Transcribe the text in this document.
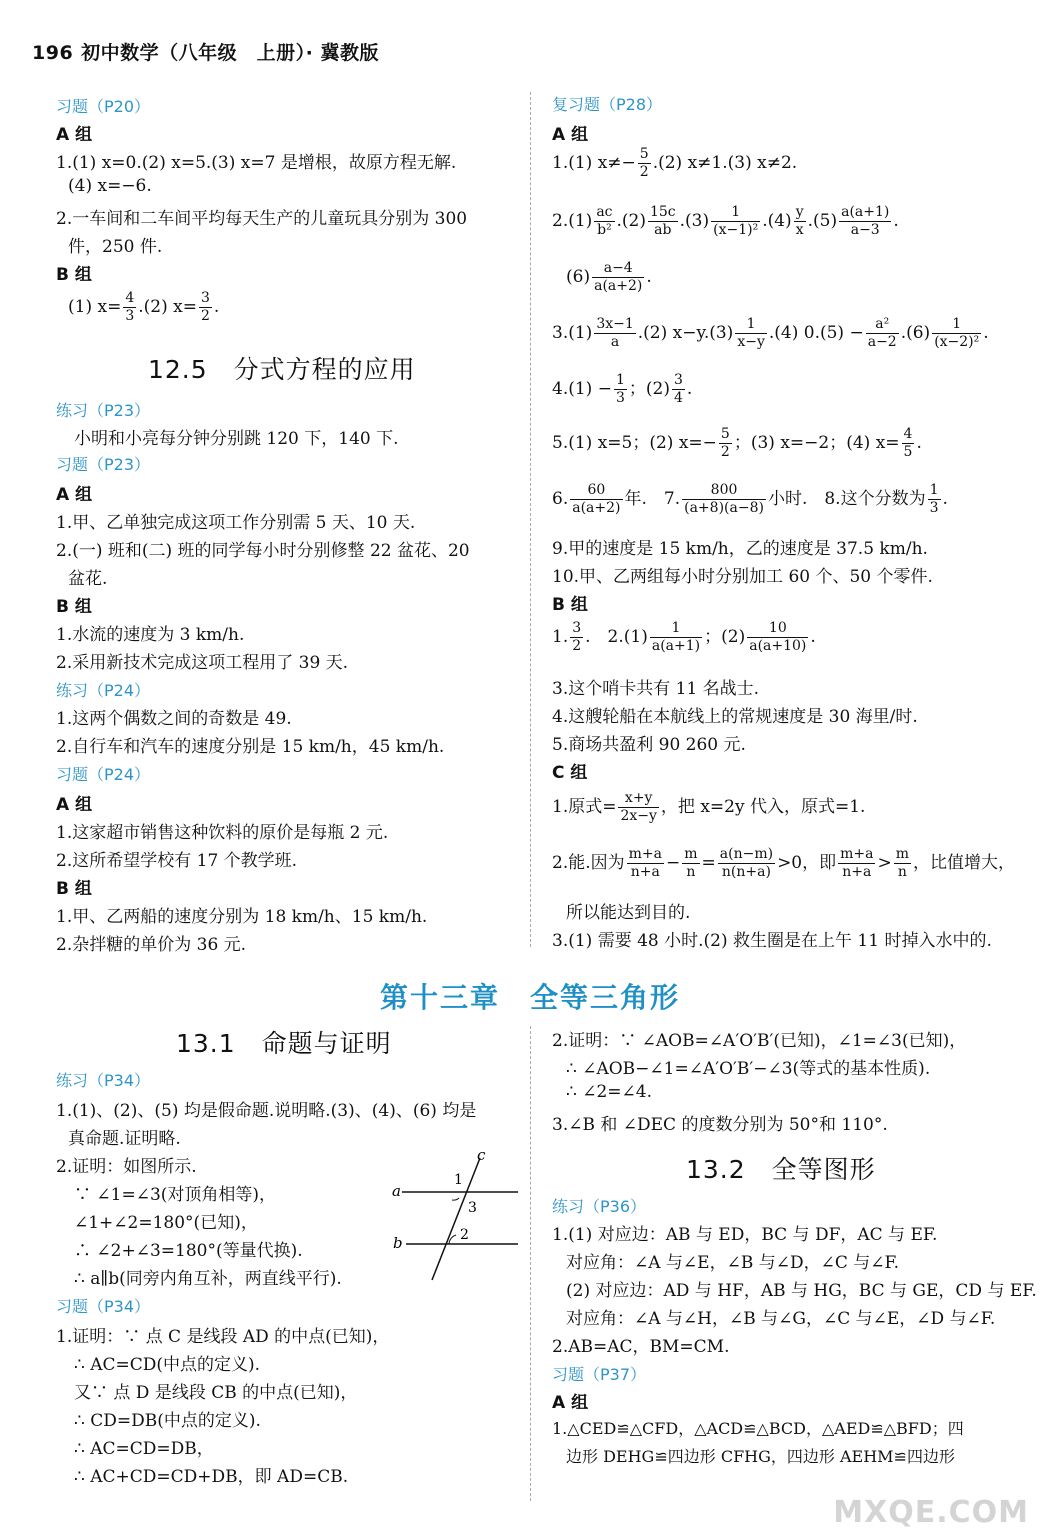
196 初中数学（八年级　上册）· 冀教版
习题（P20）
A 组
1.(1) x=0.(2) x=5.(3) x=7 是增根，故原方程无解.
(4) x=−6.
2.一车间和二车间平均每天生产的儿童玩具分别为 300
件，250 件.
B 组
(1) $x= \frac{4}{3} .(2)$ $x= \frac{3}{2}$ .
12.5　分式方程的应用
练习（P23）
小明和小亮每分钟分别跳 120 下，140 下.
习题（P23）
A 组
1.甲、乙单独完成这项工作分别需 5 天、10 天.
2.(一) 班和(二) 班的同学每小时分别修整 22 盆花、20
盆花.
B 组
1.水流的速度为 3 km/h.
2.采用新技术完成这项工程用了 39 天.
练习（P24）
1.这两个偶数之间的奇数是 49.
2.自行车和汽车的速度分别是 15 km/h，45 km/h.
习题（P24）
A 组
1.这家超市销售这种饮料的原价是每瓶 2 元.
2.这所希望学校有 17 个教学班.
B 组
1.甲、乙两船的速度分别为 18 km/h、15 km/h.
2.杂拌糖的单价为 36 元.
复习题（P28）
A 组
1.(1) $x\ne- \frac{5}{2} .(2)$ x≠1.(3) x≠2.
$2.(1) \frac{ac}{\text{b²}} .(2) \frac{15c}{ab} .(3) \frac{1}{\text{(x−1)²}} .(4) \frac{y}{x} .(5) \frac{a(a+1)}{a-3}$ .
$(6) \frac{a-4}{a(a+2)}$ .
$3.(1) \frac{3x-1}{a} .(2)$ $x-y.(3) \frac{1}{x-y} .(4) 0.(5) - \frac{\text{a²}}{a-2} .(6) \frac{1}{\text{(x−2)²}}$ .
$4.(1) - \frac{1}{3}$ ；$(2) \frac{3}{4}$ .
5.(1) x=5；(2) $x=- \frac{5}{2}$ ；(3) x=−2；(4) $x= \frac{4}{5}$ .
6. $\frac{60}{a(a+2)}$ 年.　7. $\frac{800}{(a+8)(a-8)}$ 小时.　8.这个分数为 $\frac{1}{3}$ .
9.甲的速度是 15 km/h，乙的速度是 37.5 km/h.
10.甲、乙两组每小时分别加工 60 个、50 个零件.
B 组
1. $\frac{3}{2}$ .　$2.(1) \frac{1}{a(a+1)}$ ；$(2) \frac{10}{a(a+10)}$ .
3.这个哨卡共有 11 名战士.
4.这艘轮船在本航线上的常规速度是 30 海里/时.
5.商场共盈利 90 260 元.
C 组
1.原式= $\frac{x+y}{2x-y}$ ，把 x=2y 代入，原式=1.
2.能.因为 $\frac{m+a}{n+a} - \frac{m}{n} = \frac{a(n-m)}{n(n+a)} >0$，即 $\frac{m+a}{n+a} > \frac{m}{n}$ ，比值增大，
所以能达到目的.
3.(1) 需要 48 小时.(2) 救生圈是在上午 11 时掉入水中的.
第十三章　全等三角形
13.1　命题与证明
练习（P34）
1.(1)、(2)、(5) 均是假命题.说明略.(3)、(4)、(6) 均是
真命题.证明略.
2.证明：如图所示.
∵ ∠1=∠3(对顶角相等)，
∠1+∠2=180°(已知)，
∴ ∠2+∠3=180°(等量代换).
∴ a∥b(同旁内角互补，两直线平行).
a
b
c
1
3
2
习题（P34）
1.证明：∵ 点 C 是线段 AD 的中点(已知)，
∴ AC=CD(中点的定义).
又∵ 点 D 是线段 CB 的中点(已知)，
∴ CD=DB(中点的定义).
∴ AC=CD=DB，
∴ AC+CD=CD+DB，即 AD=CB.
2.证明：∵ ∠AOB=∠A′O′B′(已知)，∠1=∠3(已知)，
∴ ∠AOB−∠1=∠A′O′B′−∠3(等式的基本性质).
∴ ∠2=∠4.
3.∠B 和 ∠DEC 的度数分别为 50°和 110°.
13.2　全等图形
练习（P36）
1.(1) 对应边：AB 与 ED，BC 与 DF，AC 与 EF.
对应角：∠A 与∠E，∠B 与∠D，∠C 与∠F.
(2) 对应边：AD 与 HF，AB 与 HG，BC 与 GE，CD 与 EF.
对应角：∠A 与∠H，∠B 与∠G，∠C 与∠E，∠D 与∠F.
2.AB=AC，BM=CM.
习题（P37）
A 组
1.△CED≌△CFD，△ACD≌△BCD，△AED≌△BFD；四
边形 DEHG≌四边形 CFHG，四边形 AEHM≌四边形
MXQE.COM
